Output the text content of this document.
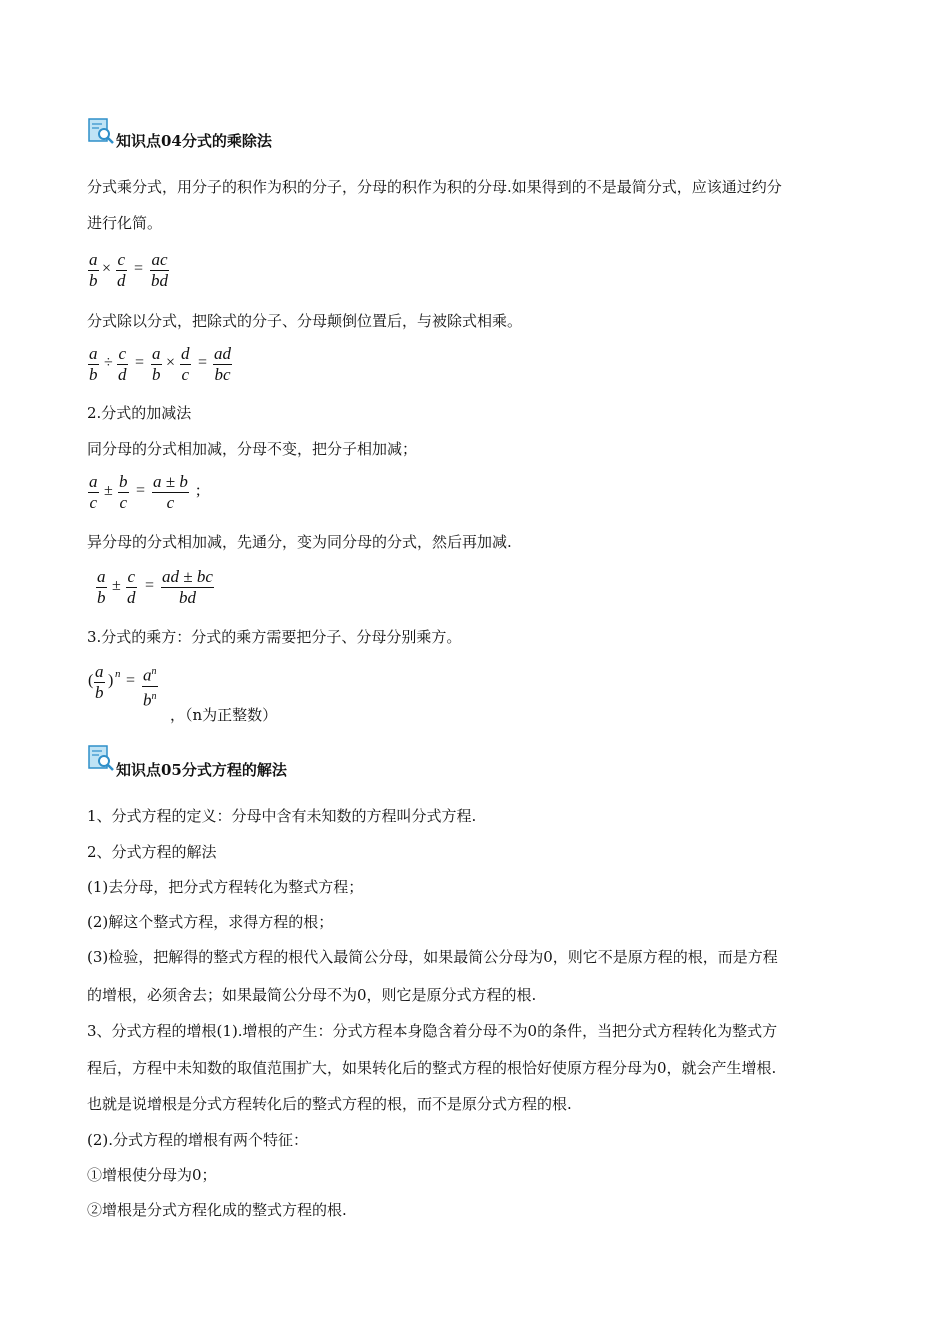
知识点04分式的乘除法
分式乘分式，用分子的积作为积的分子，分母的积作为积的分母.如果得到的不是最简分式，应该通过约分
进行化简。
a
b
× c
d
= ac
bd
分式除以分式，把除式的分子、分母颠倒位置后，与被除式相乘。
a
b
÷ c
d
= a
b
× d
c
= ad
bc
2.分式的加减法
同分母的分式相加减，分母不变，把分子相加减；
a
c
± b
c
= a ± b
c
;
异分母的分式相加减，先通分，变为同分母的分式，然后再加减.
a
b
± c
d
= ad ± bc
bd
3.分式的乘方：分式的乘方需要把分子、分母分别乘方。
( a
b
) $n = a^n$
$b^n$
，（n为正整数）
知识点05分式方程的解法
1、分式方程的定义：分母中含有未知数的方程叫分式方程.
2、分式方程的解法
(1)去分母，把分式方程转化为整式方程；
(2)解这个整式方程，求得方程的根；
(3)检验，把解得的整式方程的根代入最简公分母，如果最简公分母为0，则它不是原方程的根，而是方程
的增根，必须舍去；如果最简公分母不为0，则它是原分式方程的根.
3、分式方程的增根(1).增根的产生：分式方程本身隐含着分母不为0的条件，当把分式方程转化为整式方
程后，方程中未知数的取值范围扩大，如果转化后的整式方程的根恰好使原方程分母为0，就会产生增根.
也就是说增根是分式方程转化后的整式方程的根，而不是原分式方程的根.
(2).分式方程的增根有两个特征：
①增根使分母为0；
②增根是分式方程化成的整式方程的根.
